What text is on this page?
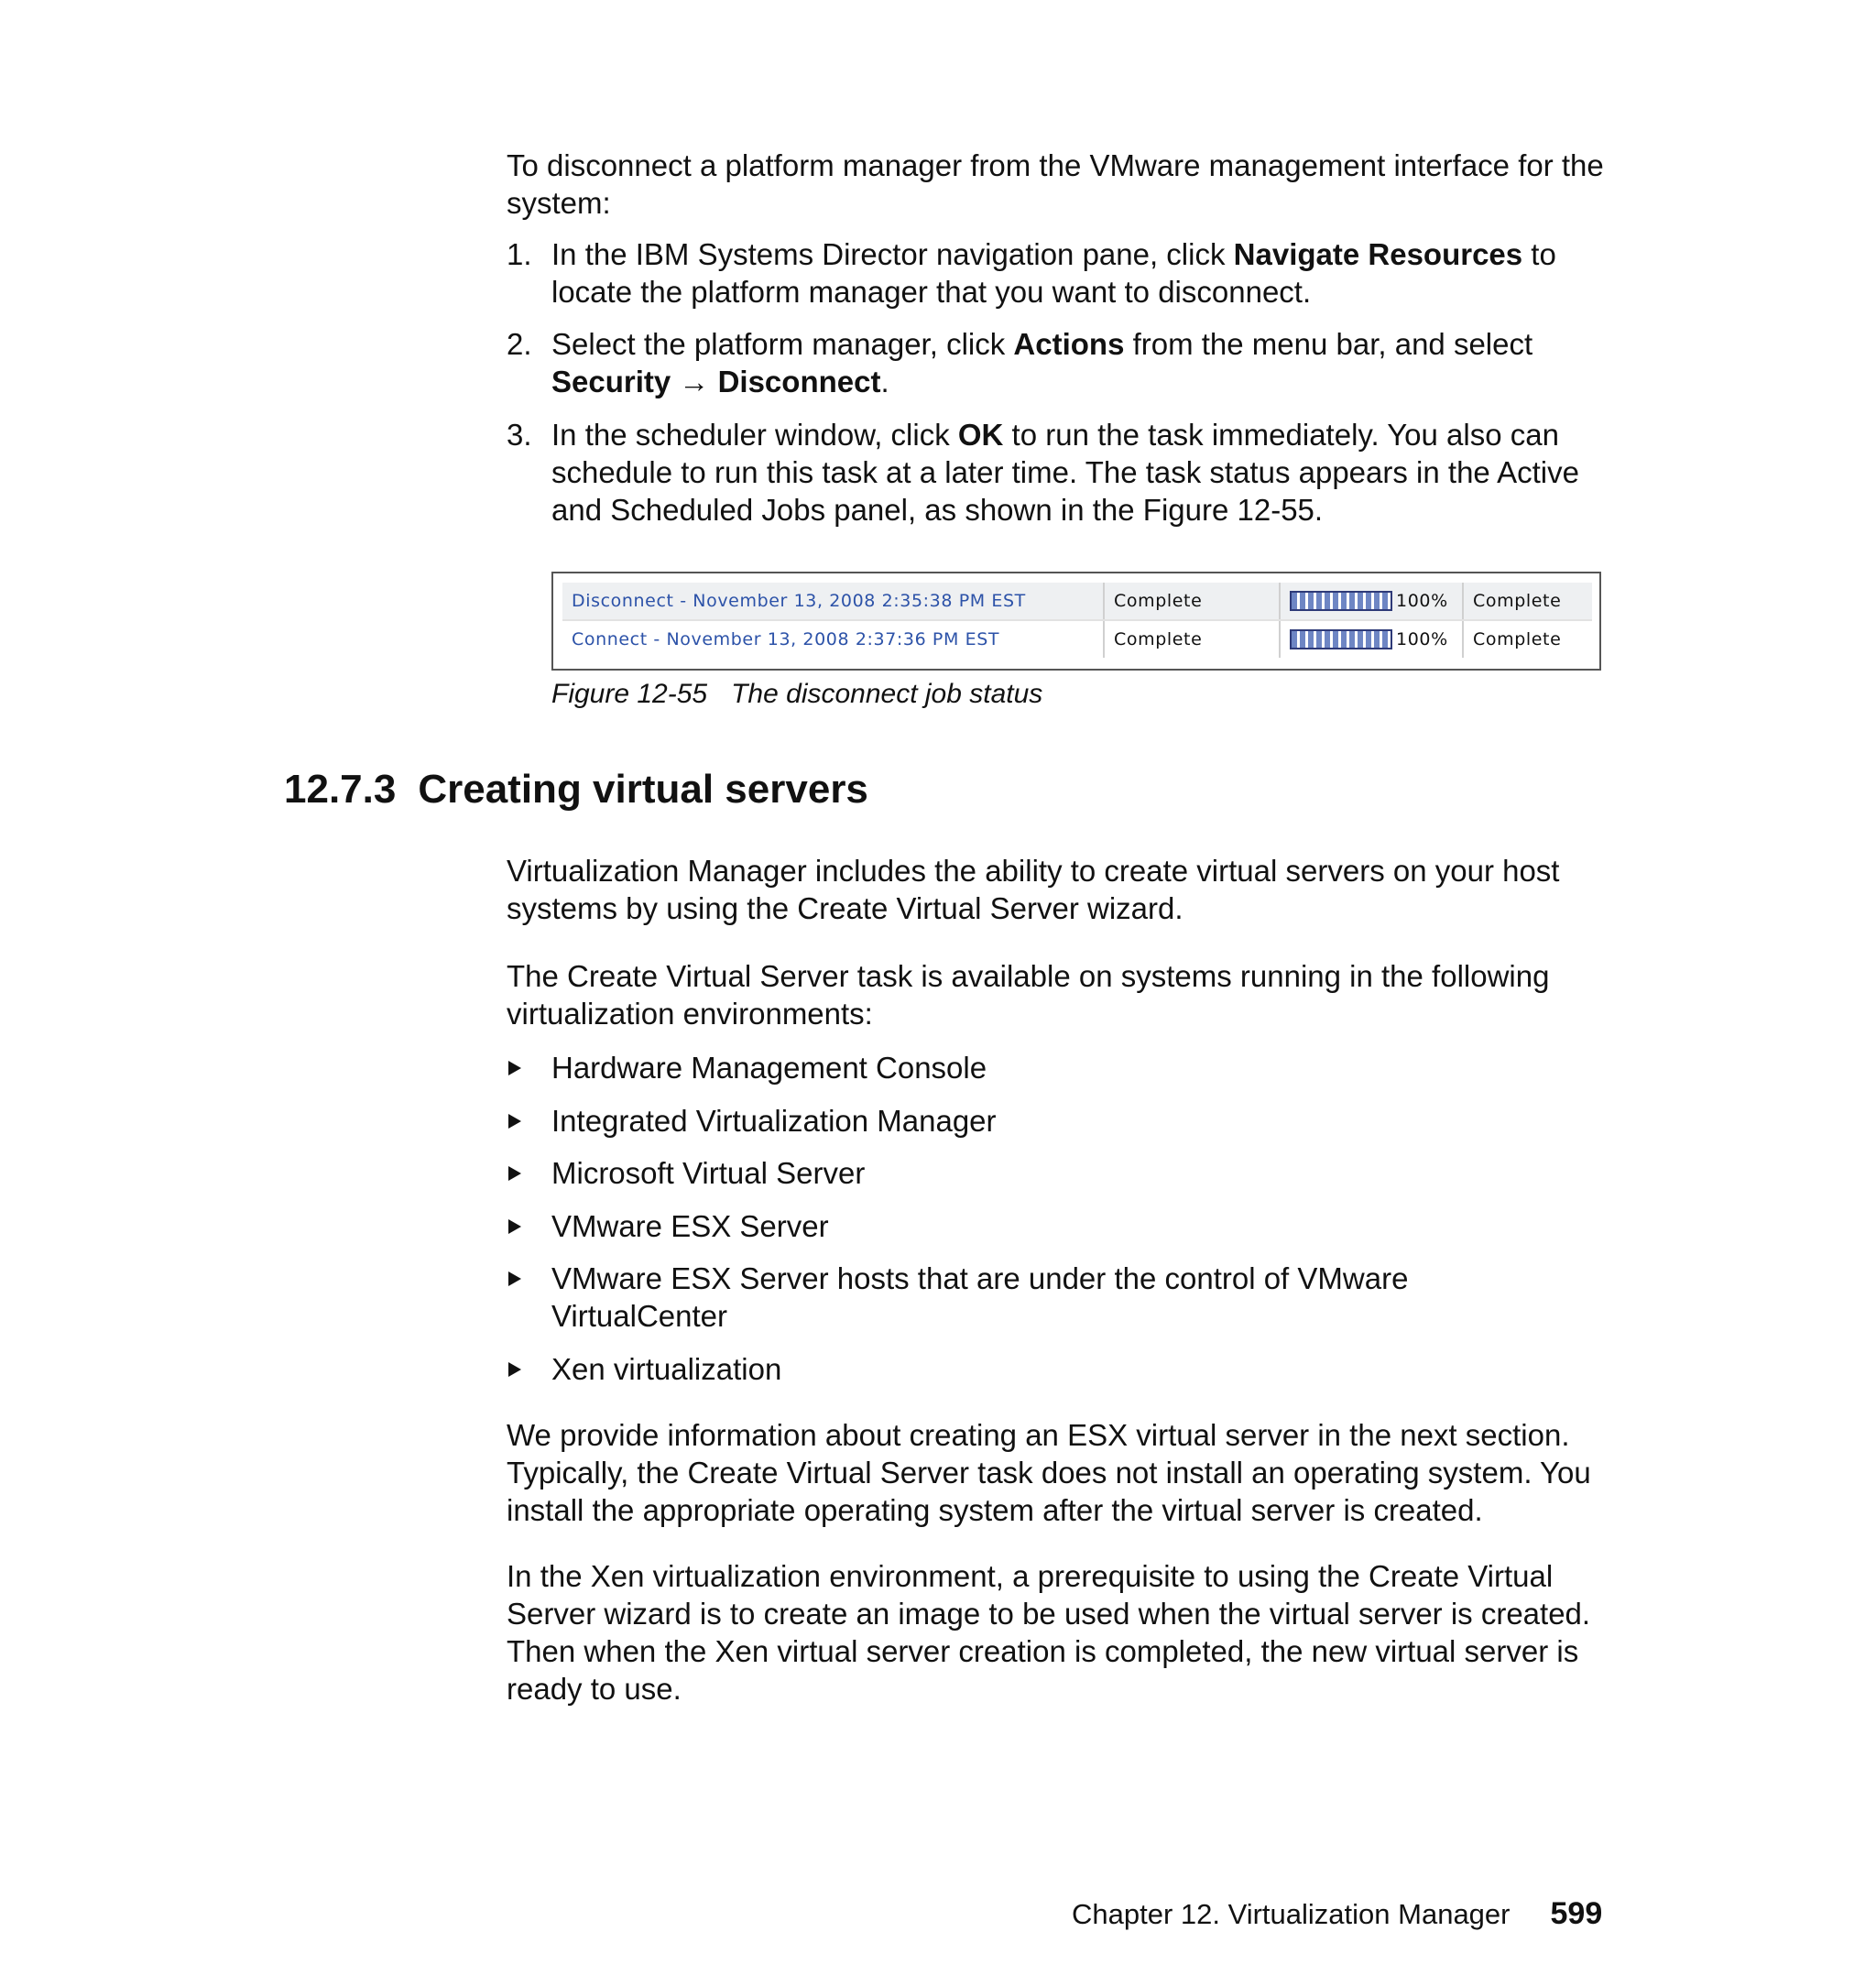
To disconnect a platform manager from the VMware management interface for the system:

1. In the IBM Systems Director navigation pane, click Navigate Resources to locate the platform manager that you want to disconnect.
2. Select the platform manager, click Actions from the menu bar, and select
Security → Disconnect.
3. In the scheduler window, click OK to run the task immediately. You also can schedule to run this task at a later time. The task status appears in the Active and Scheduled Jobs panel, as shown in the Figure 12-55.
Disconnect - November 13, 2008 2:35:38 PM EST	Complete	100%	Complete
Connect - November 13, 2008 2:37:36 PM EST	Complete	100%	Complete
Figure 12-55 The disconnect job status
12.7.3 Creating virtual servers

Virtualization Manager includes the ability to create virtual servers on your host systems by using the Create Virtual Server wizard.

The Create Virtual Server task is available on systems running in the following virtualization environments:

Hardware Management Console
Integrated Virtualization Manager
Microsoft Virtual Server
VMware ESX Server
VMware ESX Server hosts that are under the control of VMware VirtualCenter
Xen virtualization

We provide information about creating an ESX virtual server in the next section. Typically, the Create Virtual Server task does not install an operating system. You install the appropriate operating system after the virtual server is created.

In the Xen virtualization environment, a prerequisite to using the Create Virtual Server wizard is to create an image to be used when the virtual server is created. Then when the Xen virtual server creation is completed, the new virtual server is ready to use.

Chapter 12. Virtualization Manager 599
